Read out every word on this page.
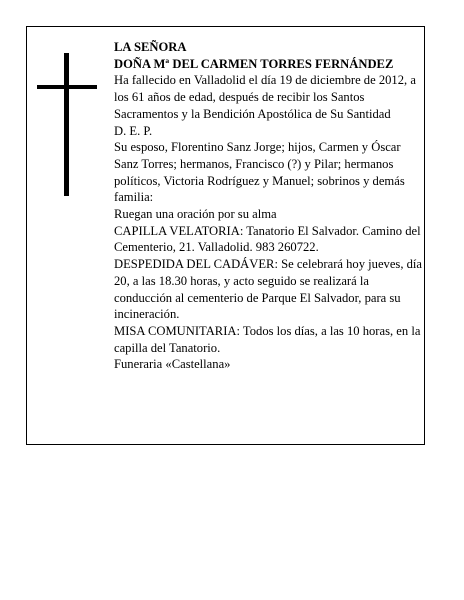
LA SEÑORA
DOÑA Mª DEL CARMEN TORRES FERNÁNDEZ
Ha fallecido en Valladolid el día 19 de diciembre de 2012, a los 61 años de edad, después de recibir los Santos Sacramentos y la Bendición Apostólica de Su Santidad
D. E. P.
Su esposo, Florentino Sanz Jorge; hijos, Carmen y Óscar Sanz Torres; hermanos, Francisco (?) y Pilar; hermanos políticos, Victoria Rodríguez y Manuel; sobrinos y demás familia:
Ruegan una oración por su alma
CAPILLA VELATORIA: Tanatorio El Salvador. Camino del Cementerio, 21. Valladolid. 983 260722.
DESPEDIDA DEL CADÁVER: Se celebrará hoy jueves, día 20, a las 18.30 horas, y acto seguido se realizará la conducción al cementerio de Parque El Salvador, para su incineración.
MISA COMUNITARIA: Todos los días, a las 10 horas, en la capilla del Tanatorio.
Funeraria «Castellana»
